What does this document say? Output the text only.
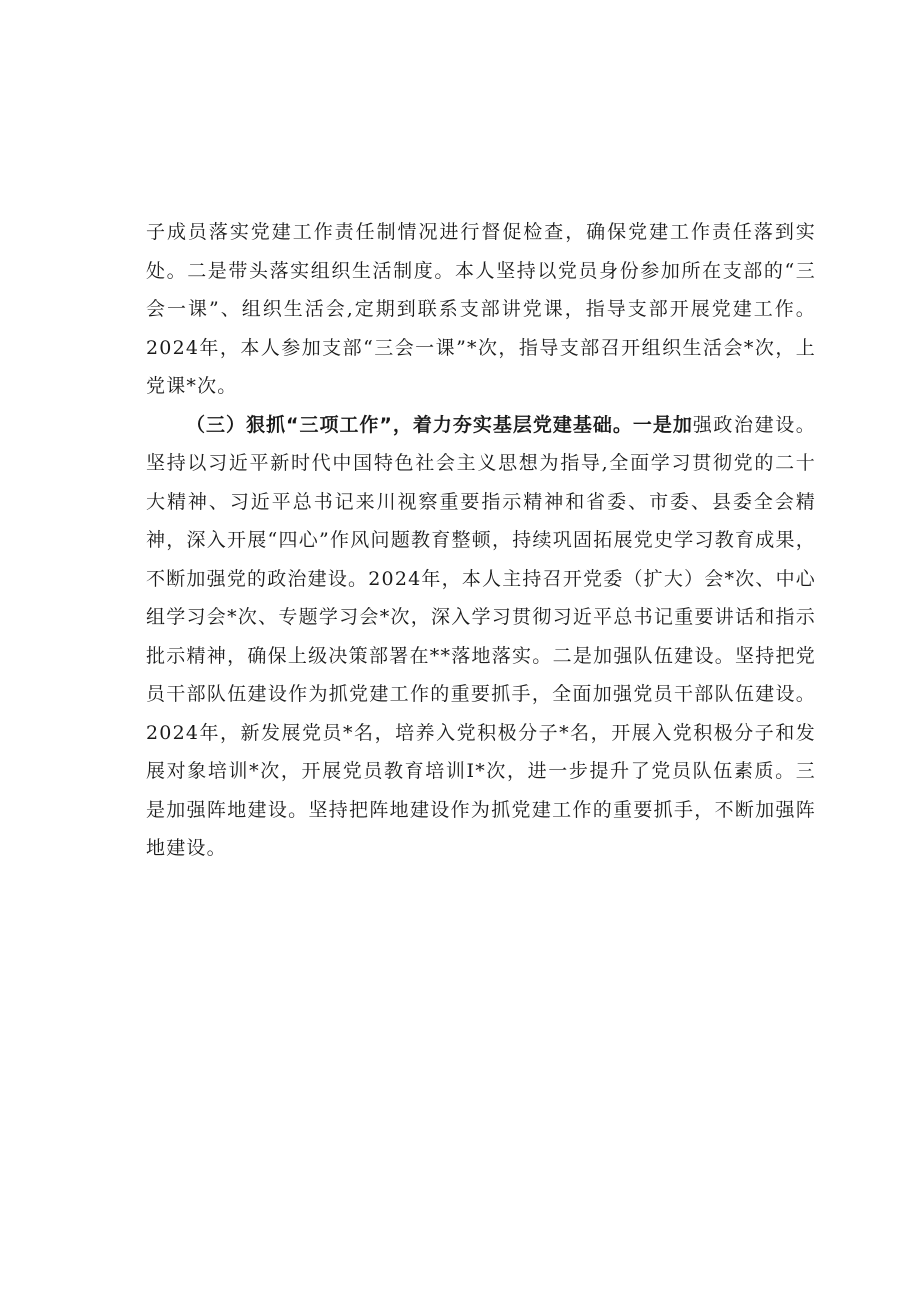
子成员落实党建工作责任制情况进行督促检查，确保党建工作责任落到实处。二是带头落实组织生活制度。本人坚持以党员身份参加所在支部的“三会一课”、组织生活会,定期到联系支部讲党课，指导支部开展党建工作。2024年，本人参加支部“三会一课”*次，指导支部召开组织生活会*次，上党课*次。

（三）狠抓“三项工作”，着力夯实基层党建基础。一是加强政治建设。坚持以习近平新时代中国特色社会主义思想为指导,全面学习贯彻党的二十大精神、习近平总书记来川视察重要指示精神和省委、市委、县委全会精神，深入开展“四心”作风问题教育整顿，持续巩固拓展党史学习教育成果，不断加强党的政治建设。2024年，本人主持召开党委（扩大）会*次、中心组学习会*次、专题学习会*次，深入学习贯彻习近平总书记重要讲话和指示批示精神，确保上级决策部署在**落地落实。二是加强队伍建设。坚持把党员干部队伍建设作为抓党建工作的重要抓手，全面加强党员干部队伍建设。2024年，新发展党员*名，培养入党积极分子*名，开展入党积极分子和发展对象培训*次，开展党员教育培训I*次，进一步提升了党员队伍素质。三是加强阵地建设。坚持把阵地建设作为抓党建工作的重要抓手，不断加强阵地建设。
